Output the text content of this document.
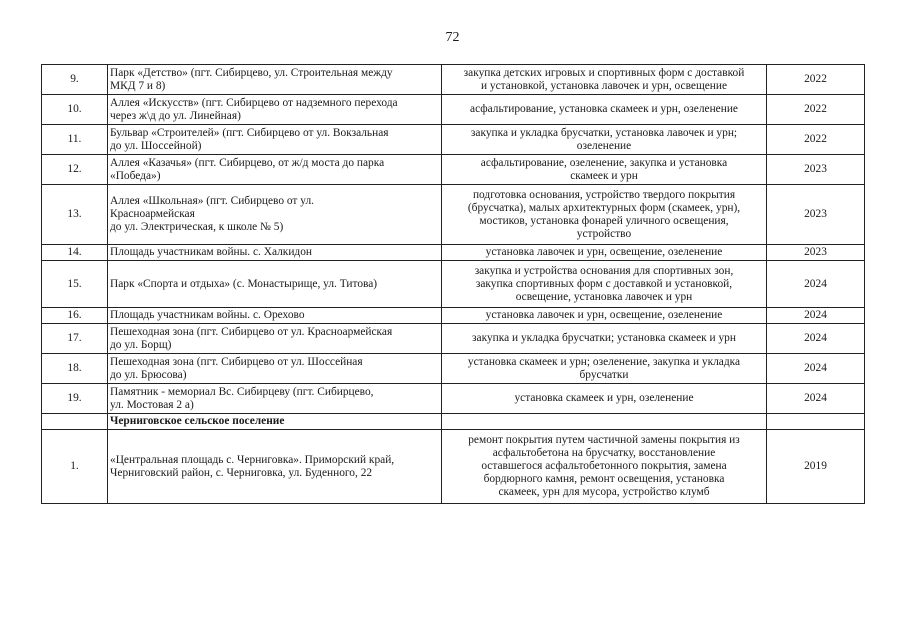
72
9.	Парк «Детство» (пгт. Сибирцево, ул. Строительная между
МКД 7 и 8)	закупка детских игровых и спортивных форм с доставкой
и установкой, установка лавочек и урн, освещение	2022
10.	Аллея «Искусств» (пгт. Сибирцево от надземного перехода
через ж\д до ул. Линейная)	асфальтирование, установка скамеек и урн, озеленение	2022
11.	Бульвар «Строителей» (пгт. Сибирцево от ул. Вокзальная
до ул. Шоссейной)	закупка и укладка брусчатки, установка лавочек и урн;
озеленение	2022
12.	Аллея «Казачья» (пгт. Сибирцево, от ж/д моста до парка
«Победа»)	асфальтирование, озеленение, закупка и установка
скамеек и урн	2023
13.	Аллея «Школьная» (пгт. Сибирцево от ул.
Красноармейская
до ул. Электрическая, к школе № 5)	подготовка основания, устройство твердого покрытия
(брусчатка), малых архитектурных форм (скамеек, урн),
мостиков, установка фонарей уличного освещения,
устройство	2023
14.	Площадь участникам войны. с. Халкидон	установка лавочек и урн, освещение, озеленение	2023
15.	Парк «Спорта и отдыха» (с. Монастырище, ул. Титова)	закупка и устройства основания для спортивных зон,
закупка спортивных форм с доставкой и установкой,
освещение, установка лавочек и урн	2024
16.	Площадь участникам войны. с. Орехово	установка лавочек и урн, освещение, озеленение	2024
17.	Пешеходная зона (пгт. Сибирцево от ул. Красноармейская
до ул. Борщ)	закупка и укладка брусчатки; установка скамеек и урн	2024
18.	Пешеходная зона (пгт. Сибирцево от ул. Шоссейная
до ул. Брюсова)	установка скамеек и урн; озеленение, закупка и укладка
брусчатки	2024
19.	Памятник - мемориал Вс. Сибирцеву (пгт. Сибирцево,
ул. Мостовая 2 а)	установка скамеек и урн, озеленение	2024
	Черниговское сельское поселение		
1.	«Центральная площадь с. Черниговка». Приморский край,
Черниговский район, с. Черниговка, ул. Буденного, 22	ремонт покрытия путем частичной замены покрытия из
асфальтобетона на брусчатку, восстановление
оставшегося асфальтобетонного покрытия, замена
бордюрного камня, ремонт освещения, установка
скамеек, урн для мусора, устройство клумб	2019
